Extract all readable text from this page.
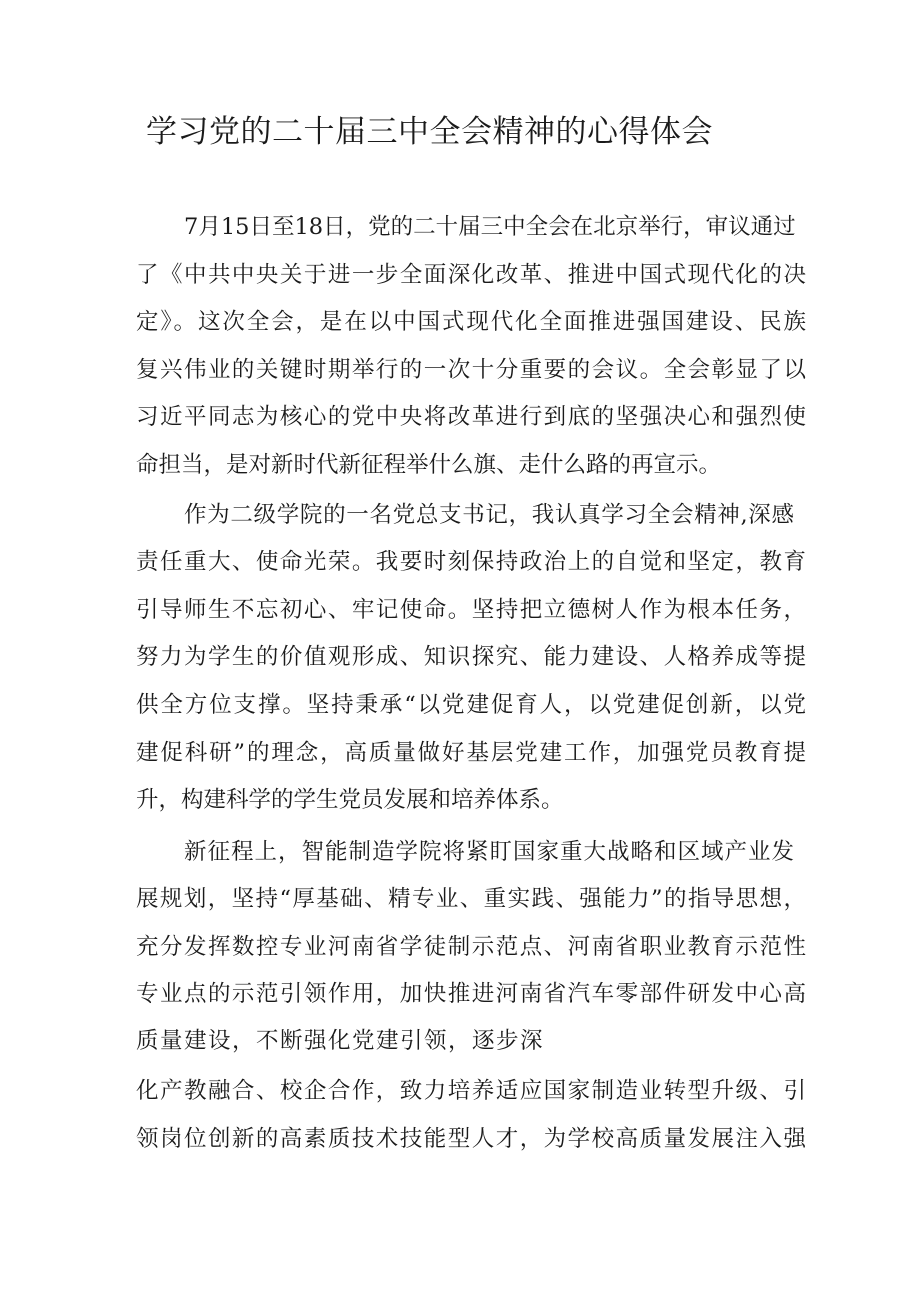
学习党的二十届三中全会精神的心得体会
7月15日至18日，党的二十届三中全会在北京举行，审议通过
了《中共中央关于进一步全面深化改革、推进中国式现代化的决
定》。这次全会，是在以中国式现代化全面推进强国建设、民族
复兴伟业的关键时期举行的一次十分重要的会议。全会彰显了以
习近平同志为核心的党中央将改革进行到底的坚强决心和强烈使
命担当，是对新时代新征程举什么旗、走什么路的再宣示。
作为二级学院的一名党总支书记，我认真学习全会精神,深感
责任重大、使命光荣。我要时刻保持政治上的自觉和坚定，教育
引导师生不忘初心、牢记使命。坚持把立德树人作为根本任务，
努力为学生的价值观形成、知识探究、能力建设、人格养成等提
供全方位支撑。坚持秉承“以党建促育人，以党建促创新，以党
建促科研”的理念，高质量做好基层党建工作，加强党员教育提
升，构建科学的学生党员发展和培养体系。
新征程上，智能制造学院将紧盯国家重大战略和区域产业发
展规划，坚持“厚基础、精专业、重实践、强能力”的指导思想，
充分发挥数控专业河南省学徒制示范点、河南省职业教育示范性
专业点的示范引领作用，加快推进河南省汽车零部件研发中心高
质量建设，不断强化党建引领，逐步深
化产教融合、校企合作，致力培养适应国家制造业转型升级、引
领岗位创新的高素质技术技能型人才，为学校高质量发展注入强
